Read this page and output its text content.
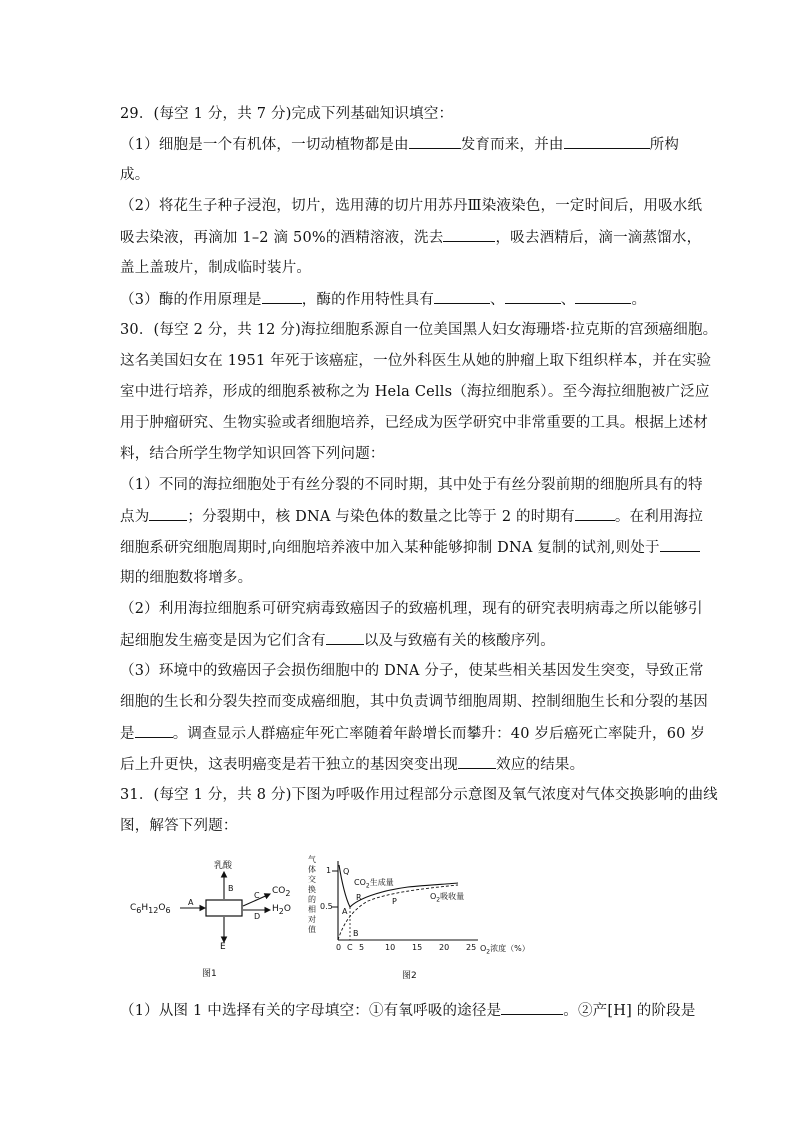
29．(每空 1 分，共 7 分)完成下列基础知识填空：
（1）细胞是一个有机体，一切动植物都是由	发育而来，并由	所构
成。
（2）将花生子种子浸泡，切片，选用薄的切片用苏丹Ⅲ染液染色，一定时间后，用吸水纸
吸去染液，再滴加 1–2 滴 50%的酒精溶液，洗去	，吸去酒精后，滴一滴蒸馏水，
盖上盖玻片，制成临时装片。
（3）酶的作用原理是	，酶的作用特性具有	、	、	。
30．(每空 2 分，共 12 分)海拉细胞系源自一位美国黑人妇女海珊塔·拉克斯的宫颈癌细胞。
这名美国妇女在 1951 年死于该癌症，一位外科医生从她的肿瘤上取下组织样本，并在实验
室中进行培养，形成的细胞系被称之为 Hela Cells（海拉细胞系）。至今海拉细胞被广泛应
用于肿瘤研究、生物实验或者细胞培养，已经成为医学研究中非常重要的工具。根据上述材
料，结合所学生物学知识回答下列问题：
（1）不同的海拉细胞处于有丝分裂的不同时期，其中处于有丝分裂前期的细胞所具有的特
点为	；分裂期中，核 DNA 与染色体的数量之比等于 2 的时期有	。在利用海拉
细胞系研究细胞周期时,向细胞培养液中加入某种能够抑制 DNA 复制的试剂,则处于
期的细胞数将增多。
（2）利用海拉细胞系可研究病毒致癌因子的致癌机理，现有的研究表明病毒之所以能够引
起细胞发生癌变是因为它们含有	以及与致癌有关的核酸序列。
（3）环境中的致癌因子会损伤细胞中的 DNA 分子，使某些相关基因发生突变，导致正常
细胞的生长和分裂失控而变成癌细胞，其中负责调节细胞周期、控制细胞生长和分裂的基因
是	。调查显示人群癌症年死亡率随着年龄增长而攀升：40 岁后癌死亡率陡升，60 岁
后上升更快，这表明癌变是若干独立的基因突变出现	效应的结果。
31．(每空 1 分，共 8 分)下图为呼吸作用过程部分示意图及氧气浓度对气体交换影响的曲线
图，解答下列题：
乳酸
$C_6H_{12}O_6$
A
B
C
D
E
$CO_2$
$H_2O$
图1
气
体
交
换
的
相
对
值
1
0.5
0 C 5	10 15 20 25 $O_2$浓度（%）
$CO_2$生成量
$O_2$吸收量
Q
R	P
A
B
图2
（1）从图 1 中选择有关的字母填空：①有氧呼吸的途径是	。②产[H] 的阶段是
